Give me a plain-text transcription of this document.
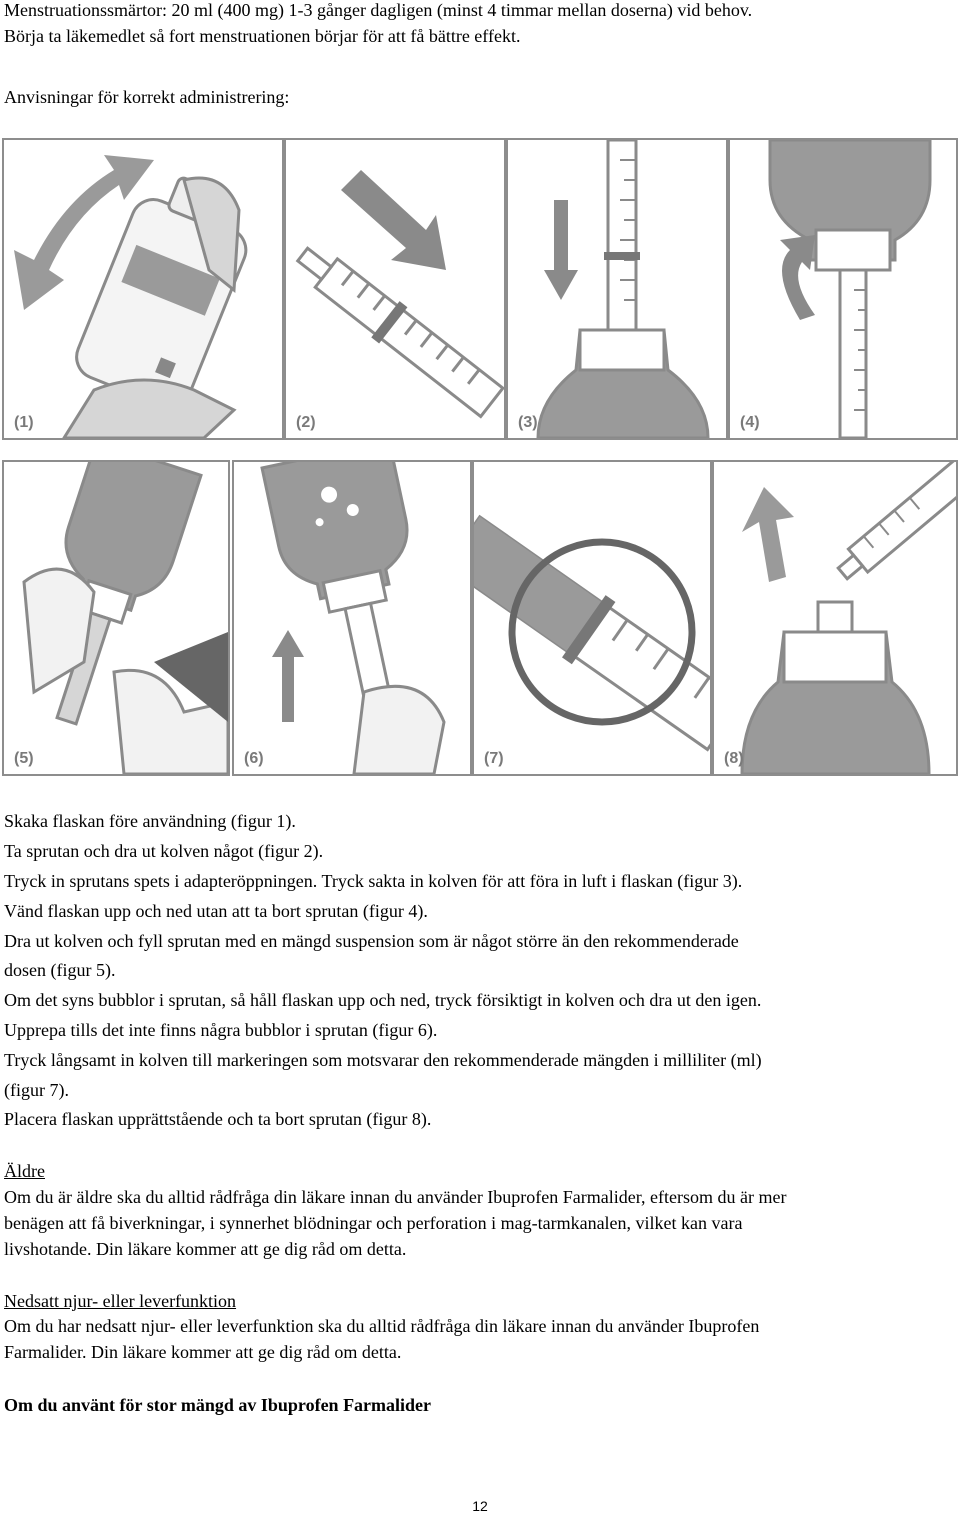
Menstruationssmärtor: 20 ml (400 mg) 1-3 gånger dagligen (minst 4 timmar mellan doserna) vid behov.
Börja ta läkemedlet så fort menstruationen börjar för att få bättre effekt.
Anvisningar för korrekt administrering:
(1)	(2)	(3)	(4)
(5)	(6)	(7)	(8)
Skaka flaskan före användning (figur 1).
Ta sprutan och dra ut kolven något (figur 2).
Tryck in sprutans spets i adapteröppningen. Tryck sakta in kolven för att föra in luft i flaskan (figur 3).
Vänd flaskan upp och ned utan att ta bort sprutan (figur 4).
Dra ut kolven och fyll sprutan med en mängd suspension som är något större än den rekommenderade
dosen (figur 5).
Om det syns bubblor i sprutan, så håll flaskan upp och ned, tryck försiktigt in kolven och dra ut den igen.
Upprepa tills det inte finns några bubblor i sprutan (figur 6).
Tryck långsamt in kolven till markeringen som motsvarar den rekommenderade mängden i milliliter (ml)
(figur 7).
Placera flaskan upprättstående och ta bort sprutan (figur 8).
Äldre
Om du är äldre ska du alltid rådfråga din läkare innan du använder Ibuprofen Farmalider, eftersom du är mer
benägen att få biverkningar, i synnerhet blödningar och perforation i mag-tarmkanalen, vilket kan vara
livshotande. Din läkare kommer att ge dig råd om detta.
Nedsatt njur- eller leverfunktion
Om du har nedsatt njur- eller leverfunktion ska du alltid rådfråga din läkare innan du använder Ibuprofen
Farmalider. Din läkare kommer att ge dig råd om detta.
Om du använt för stor mängd av Ibuprofen Farmalider
12
